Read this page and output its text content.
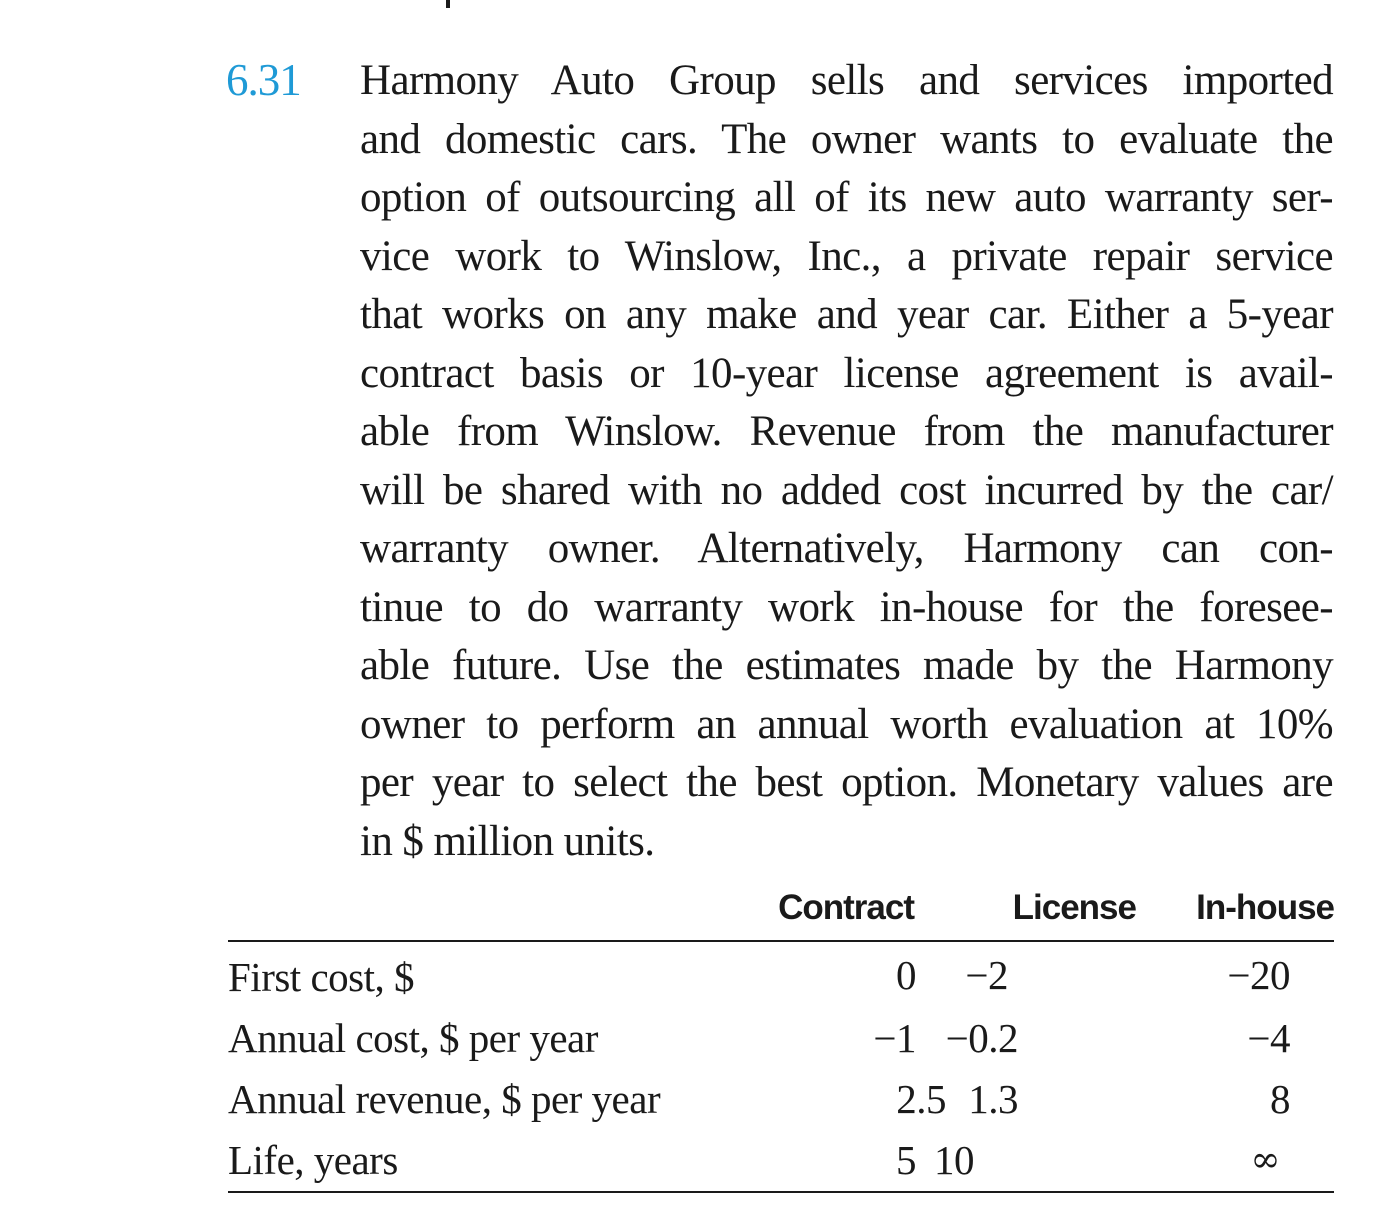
6.31 Harmony Auto Group sells and services imported
and domestic cars. The owner wants to evaluate the
option of outsourcing all of its new auto warranty ser-
vice work to Winslow, Inc., a private repair service
that works on any make and year car. Either a 5-year
contract basis or 10-year license agreement is avail-
able from Winslow. Revenue from the manufacturer
will be shared with no added cost incurred by the car/
warranty owner. Alternatively, Harmony can con-
tinue to do warranty work in-house for the foresee-
able future. Use the estimates made by the Harmony
owner to perform an annual worth evaluation at 10%
per year to select the best option. Monetary values are
in $ million units.
	Contract	License	In-house
First cost, $	0	−2	−20

Annual cost, $ per year	−1	−0.2	−4

Annual revenue, $ per year	2.5	1.3	8

Life, years	5	10	∞
